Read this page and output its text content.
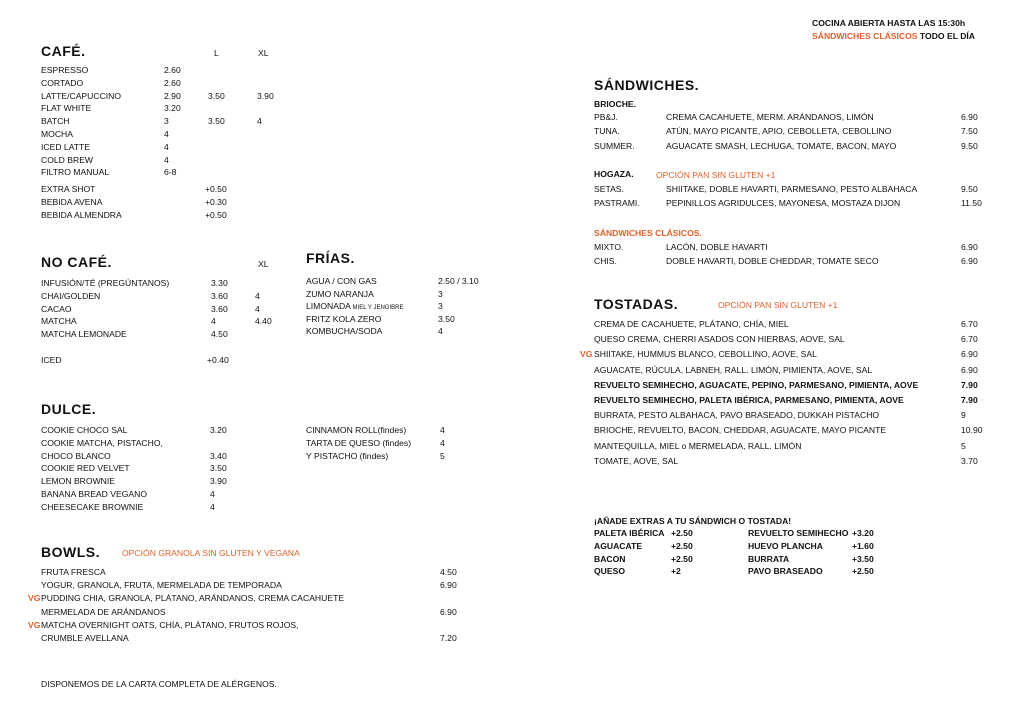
COCINA ABIERTA HASTA LAS 15:30h
SÁNDWICHES CLÁSICOS TODO EL DÍA
CAFÉ.	L	XL
ESPRESSO	2.60
CORTADO	2.60
LATTE/CAPUCCINO	2.90	3.50	3.90
FLAT WHITE	3.20
BATCH	3	3.50	4
MOCHA	4
ICED LATTE	4
COLD BREW	4
FILTRO MANUAL	6-8
EXTRA SHOT	+0.50
BEBIDA AVENA	+0.30
BEBIDA ALMENDRA	+0.50
NO CAFÉ.	XL
INFUSIÓN/TÉ (PREGÚNTANOS)	3.30
CHAI/GOLDEN	3.60	4
CACAO	3.60	4
MATCHA	4	4.40
MATCHA LEMONADE	4.50
ICED	+0.40
FRÍAS.
AGUA / CON GAS	2.50 / 3.10
ZUMO NARANJA	3
LIMONADA MIEL Y JENGIBRE	3
FRITZ KOLA ZERO	3.50
KOMBUCHA/SODA	4
DULCE.
COOKIE CHOCO SAL	3.20
COOKIE MATCHA, PISTACHO,
CHOCO BLANCO	3.40
COOKIE RED VELVET	3.50
LEMON BROWNIE	3.90
BANANA BREAD VEGANO	4
CHEESECAKE BROWNIE	4
CINNAMON ROLL(findes)	4
TARTA DE QUESO (findes)	4
Y PISTACHO (findes)	5
BOWLS.	OPCIÓN GRANOLA SIN GLUTEN Y VEGANA
FRUTA FRESCA	4.50
YOGUR, GRANOLA, FRUTA, MERMELADA DE TEMPORADA	6.90
VG PUDDING CHIA, GRANOLA, PLÁTANO, ARÁNDANOS, CREMA CACAHUETE
MERMELADA DE ARÁNDANOS	6.90
VG MATCHA OVERNIGHT OATS, CHÍA, PLÁTANO, FRUTOS ROJOS,
CRUMBLE AVELLANA	7.20
DISPONEMOS DE LA CARTA COMPLETA DE ALÉRGENOS.
SÁNDWICHES.
BRIOCHE.
PB&J.	CREMA CACAHUETE, MERM. ARÁNDANOS, LIMÓN	6.90
TUNA.	ATÚN, MAYO PICANTE, APIO, CEBOLLETA, CEBOLLINO	7.50
SUMMER.	AGUACATE SMASH, LECHUGA, TOMATE, BACON, MAYO	9.50
HOGAZA.	OPCIÓN PAN SIN GLUTEN +1
SETAS.	SHIITAKE, DOBLE HAVARTI, PARMESANO, PESTO ALBAHACA	9.50
PASTRAMI.	PEPINILLOS AGRIDULCES, MAYONESA, MOSTAZA DIJON	11.50
SÁNDWICHES CLÁSICOS.
MIXTO.	LACÓN, DOBLE HAVARTI	6.90
CHIS.	DOBLE HAVARTI, DOBLE CHEDDAR, TOMATE SECO	6.90
TOSTADAS.	OPCIÓN PAN SIN GLUTEN +1
CREMA DE CACAHUETE, PLÁTANO, CHÍA, MIEL	6.70
QUESO CREMA, CHERRI ASADOS CON HIERBAS, AOVE, SAL	6.70
VG SHIITAKE, HUMMUS BLANCO, CEBOLLINO, AOVE, SAL	6.90
AGUACATE, RÚCULA, LABNEH, RALL. LIMÓN, PIMIENTA, AOVE, SAL	6.90
REVUELTO SEMIHECHO, AGUACATE, PEPINO, PARMESANO, PIMIENTA, AOVE	7.90
REVUELTO SEMIHECHO, PALETA IBÉRICA, PARMESANO, PIMIENTA, AOVE	7.90
BURRATA, PESTO ALBAHACA, PAVO BRASEADO, DUKKAH PISTACHO	9
BRIOCHE, REVUELTO, BACON, CHEDDAR, AGUACATE, MAYO PICANTE	10.90
MANTEQUILLA, MIEL o MERMELADA, RALL. LIMÓN	5
TOMATE, AOVE, SAL	3.70
¡AÑADE EXTRAS A TU SÁNDWICH O TOSTADA!
PALETA IBÉRICA +2.50
AGUACATE	+2.50
BACON	+2.50
QUESO	+2
REVUELTO SEMIHECHO +3.20
HUEVO PLANCHA	+1.60
BURRATA	+3.50
PAVO BRASEADO	+2.50
